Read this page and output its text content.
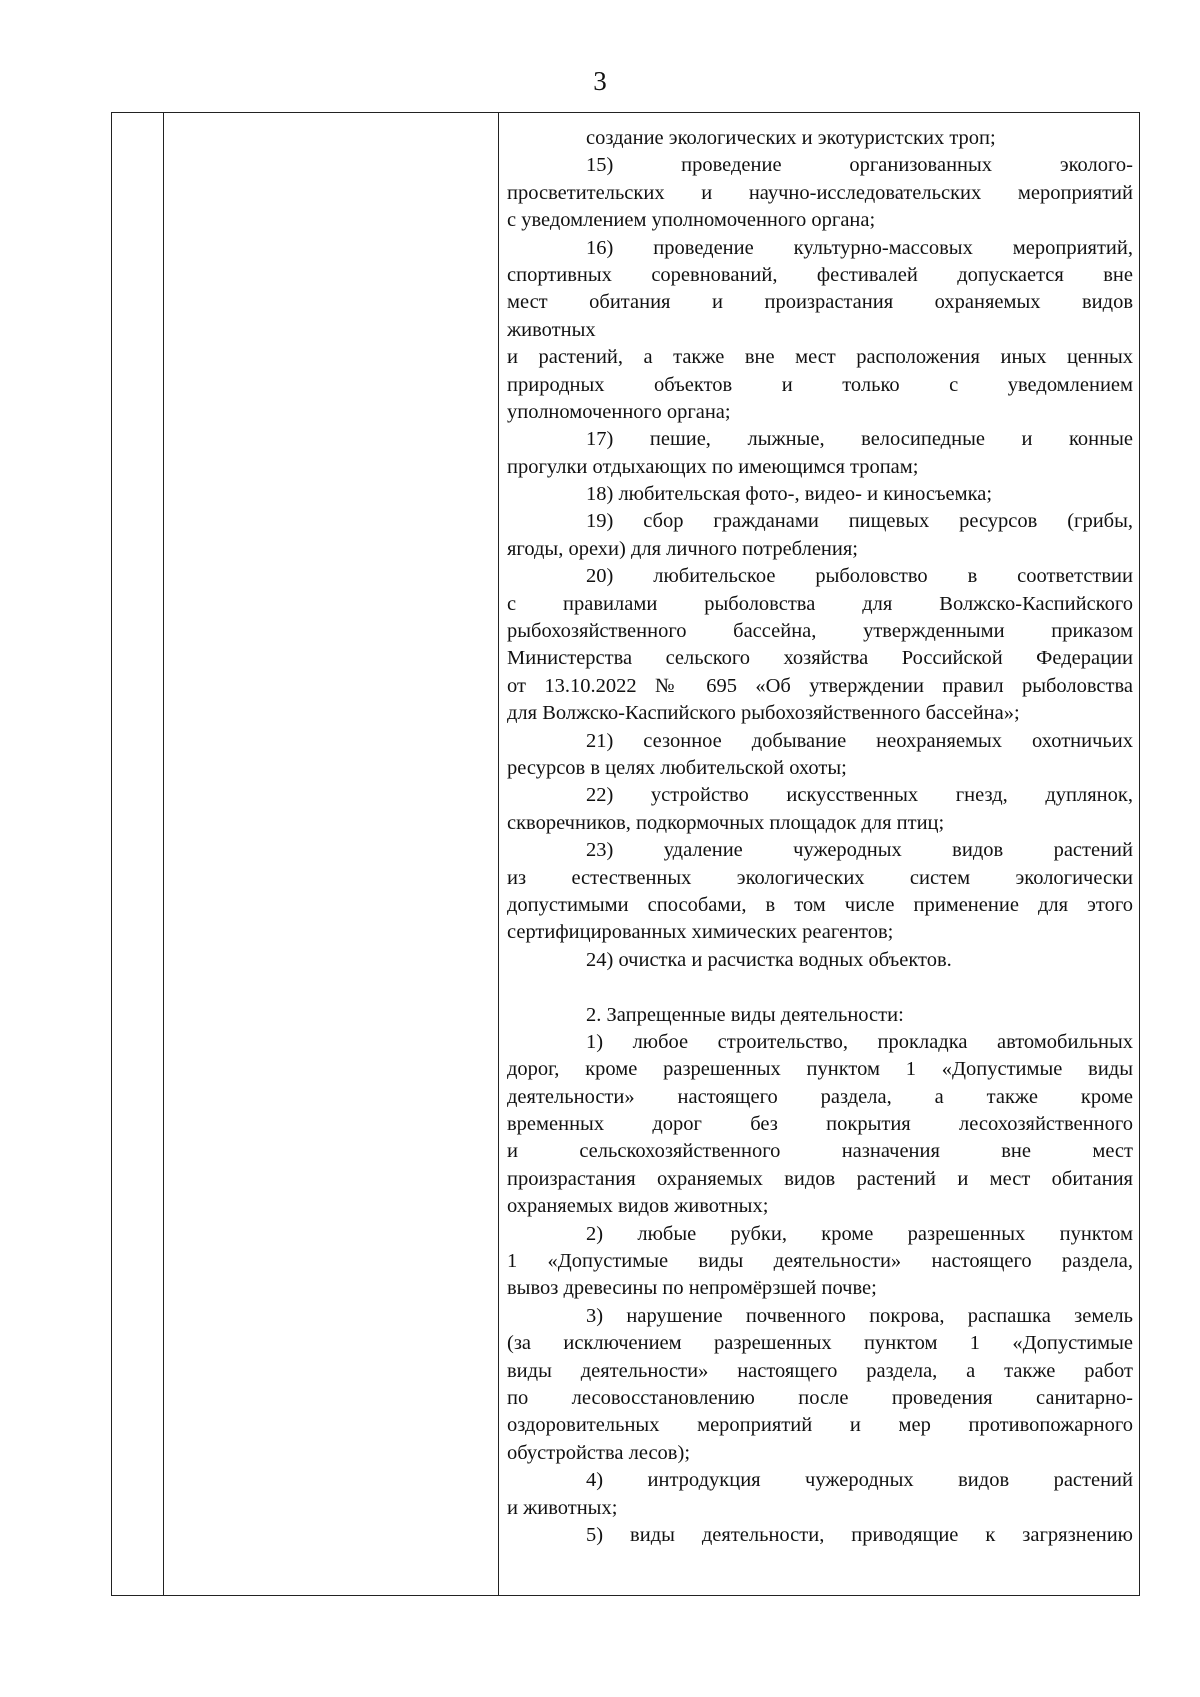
3
создание экологических и экотуристских троп;
15) проведение организованных эколого-
просветительских и научно-исследовательских мероприятий
с уведомлением уполномоченного органа;
16) проведение культурно-массовых мероприятий,
спортивных соревнований, фестивалей допускается вне
мест обитания и произрастания охраняемых видов
животных
и растений, а также вне мест расположения иных ценных
природных объектов и только с уведомлением
уполномоченного органа;
17) пешие, лыжные, велосипедные и конные
прогулки отдыхающих по имеющимся тропам;
18) любительская фото-, видео- и киносъемка;
19) сбор гражданами пищевых ресурсов (грибы,
ягоды, орехи) для личного потребления;
20) любительское рыболовство в соответствии
с правилами рыболовства для Волжско-Каспийского
рыбохозяйственного бассейна, утвержденными приказом
Министерства сельского хозяйства Российской Федерации
от 13.10.2022 № 695 «Об утверждении правил рыболовства
для Волжско-Каспийского рыбохозяйственного бассейна»;
21) сезонное добывание неохраняемых охотничьих
ресурсов в целях любительской охоты;
22) устройство искусственных гнезд, дуплянок,
скворечников, подкормочных площадок для птиц;
23) удаление чужеродных видов растений
из естественных экологических систем экологически
допустимыми способами, в том числе применение для этого
сертифицированных химических реагентов;
24) очистка и расчистка водных объектов.
2. Запрещенные виды деятельности:
1) любое строительство, прокладка автомобильных
дорог, кроме разрешенных пунктом 1 «Допустимые виды
деятельности» настоящего раздела, а также кроме
временных дорог без покрытия лесохозяйственного
и сельскохозяйственного назначения вне мест
произрастания охраняемых видов растений и мест обитания
охраняемых видов животных;
2) любые рубки, кроме разрешенных пунктом
1 «Допустимые виды деятельности» настоящего раздела,
вывоз древесины по непромёрзшей почве;
3) нарушение почвенного покрова, распашка земель
(за исключением разрешенных пунктом 1 «Допустимые
виды деятельности» настоящего раздела, а также работ
по лесовосстановлению после проведения санитарно-
оздоровительных мероприятий и мер противопожарного
обустройства лесов);
4) интродукция чужеродных видов растений
и животных;
5) виды деятельности, приводящие к загрязнению
